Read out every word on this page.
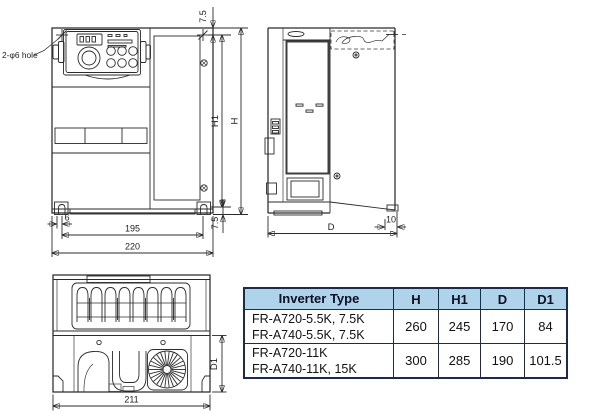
2-φ6 hole
7.5
H1 H
7.5
6
195
220
D
10
211
D1
Inverter Type	H	H1	D	D1
FR-A720-5.5K, 7.5K
FR-A740-5.5K, 7.5K
260	245	170	84
FR-A720-11K
FR-A740-11K, 15K
300	285	190	101.5
